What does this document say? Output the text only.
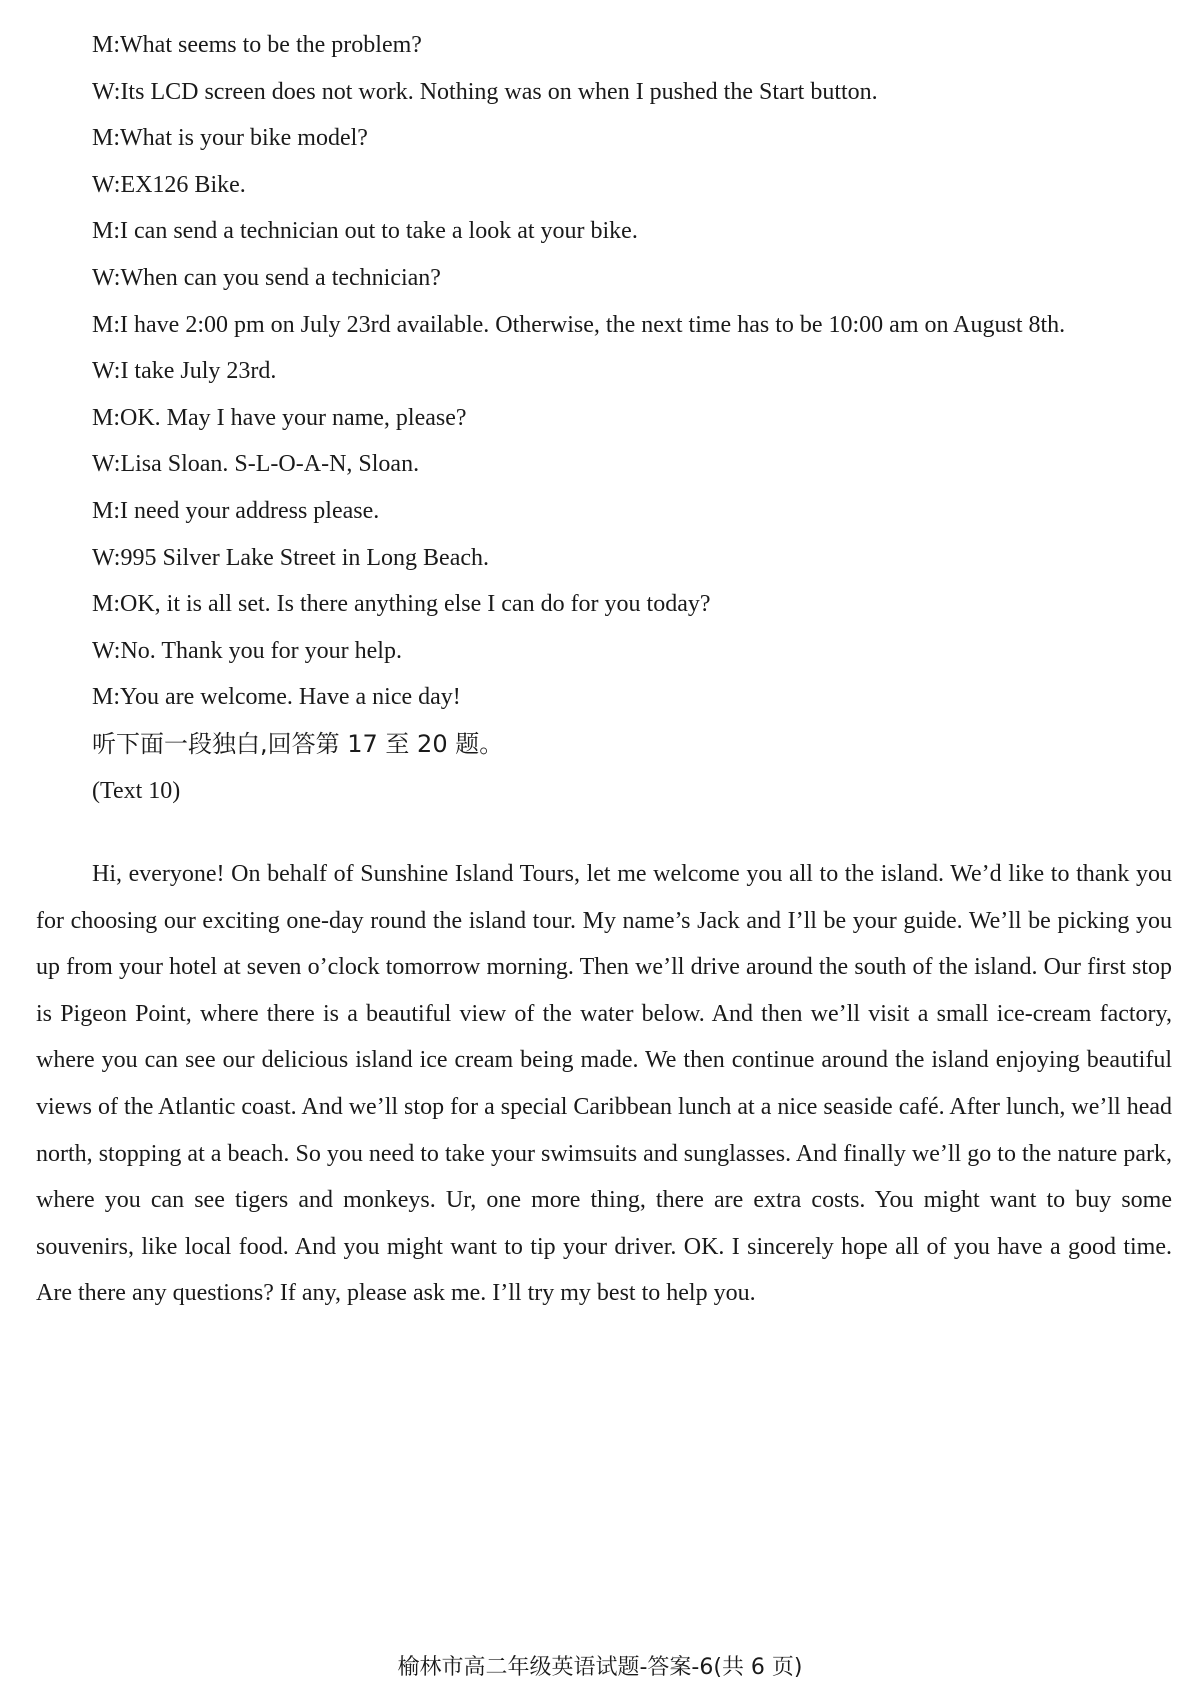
M:What seems to be the problem?
W:Its LCD screen does not work. Nothing was on when I pushed the Start button.
M:What is your bike model?
W:EX126 Bike.
M:I can send a technician out to take a look at your bike.
W:When can you send a technician?
M:I have 2:00 pm on July 23rd available. Otherwise, the next time has to be 10:00 am on August 8th.
W:I take July 23rd.
M:OK. May I have your name, please?
W:Lisa Sloan. S-L-O-A-N, Sloan.
M:I need your address please.
W:995 Silver Lake Street in Long Beach.
M:OK, it is all set. Is there anything else I can do for you today?
W:No. Thank you for your help.
M:You are welcome. Have a nice day!
听下面一段独白,回答第 17 至 20 题。
(Text 10)

Hi, everyone! On behalf of Sunshine Island Tours, let me welcome you all to the island. We’d like to thank you for choosing our exciting one-day round the island tour. My name’s Jack and I’ll be your guide. We’ll be picking you up from your hotel at seven o’clock tomorrow morning. Then we’ll drive around the south of the island. Our first stop is Pigeon Point, where there is a beautiful view of the water below. And then we’ll visit a small ice-cream factory, where you can see our delicious island ice cream being made. We then continue around the island enjoying beautiful views of the Atlantic coast. And we’ll stop for a special Caribbean lunch at a nice seaside café. After lunch, we’ll head north, stopping at a beach. So you need to take your swimsuits and sunglasses. And finally we’ll go to the nature park, where you can see tigers and monkeys. Ur, one more thing, there are extra costs. You might want to buy some souvenirs, like local food. And you might want to tip your driver. OK. I sincerely hope all of you have a good time. Are there any questions? If any, please ask me. I’ll try my best to help you.

榆林市高二年级英语试题-答案-6(共 6 页)
